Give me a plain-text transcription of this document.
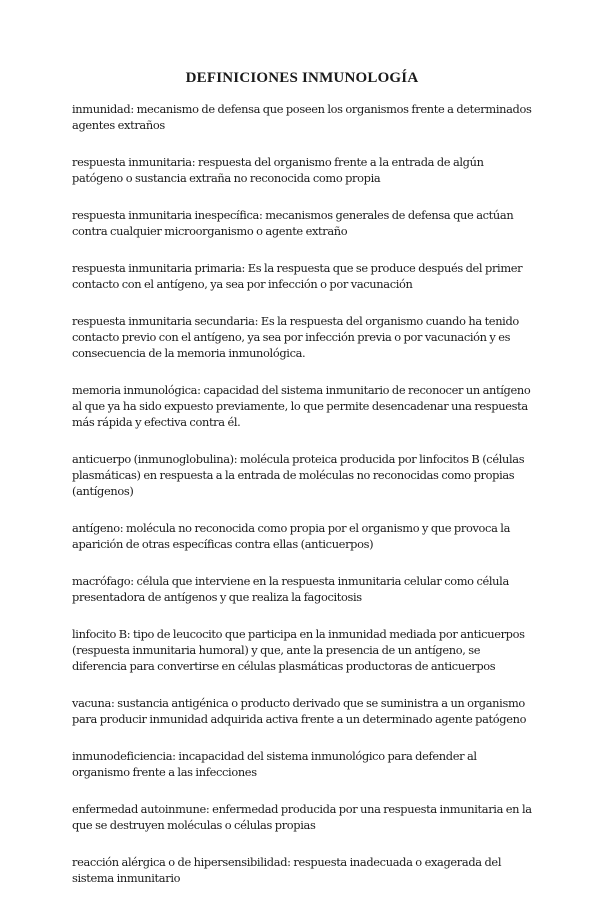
DEFINICIONES INMUNOLOGÍA

inmunidad: mecanismo de defensa que poseen los organismos frente a determinados agentes extraños

respuesta inmunitaria: respuesta del organismo frente a la entrada de algún patógeno o sustancia extraña no reconocida como propia

respuesta inmunitaria inespecífica: mecanismos generales de defensa que actúan contra cualquier microorganismo o agente extraño

respuesta inmunitaria primaria: Es la respuesta que se produce después del primer contacto con el antígeno, ya sea por infección o por vacunación

respuesta inmunitaria secundaria: Es la respuesta del organismo cuando ha tenido contacto previo con el antígeno, ya sea por infección previa o por vacunación y es consecuencia de la memoria inmunológica.

memoria inmunológica: capacidad del sistema inmunitario de reconocer un antígeno al que ya ha sido expuesto previamente, lo que permite desencadenar una respuesta más rápida y efectiva contra él.

anticuerpo (inmunoglobulina): molécula proteica producida por linfocitos B (células plasmáticas) en respuesta a la entrada de moléculas no reconocidas como propias (antígenos)

antígeno: molécula no reconocida como propia por el organismo y que provoca la aparición de otras específicas contra ellas (anticuerpos)

macrófago: célula que interviene en la respuesta inmunitaria celular como célula presentadora de antígenos y que realiza la fagocitosis

linfocito B: tipo de leucocito que participa en la inmunidad mediada por anticuerpos (respuesta inmunitaria humoral) y que, ante la presencia de un antígeno, se diferencia para convertirse en células plasmáticas productoras de anticuerpos

vacuna: sustancia antigénica o producto derivado que se suministra a un organismo para producir inmunidad adquirida activa frente a un determinado agente patógeno

inmunodeficiencia: incapacidad del sistema inmunológico para defender al organismo frente a las infecciones

enfermedad autoinmune: enfermedad producida por una respuesta inmunitaria en la que se destruyen moléculas o células propias

reacción alérgica o de hipersensibilidad: respuesta inadecuada o exagerada del sistema inmunitario
